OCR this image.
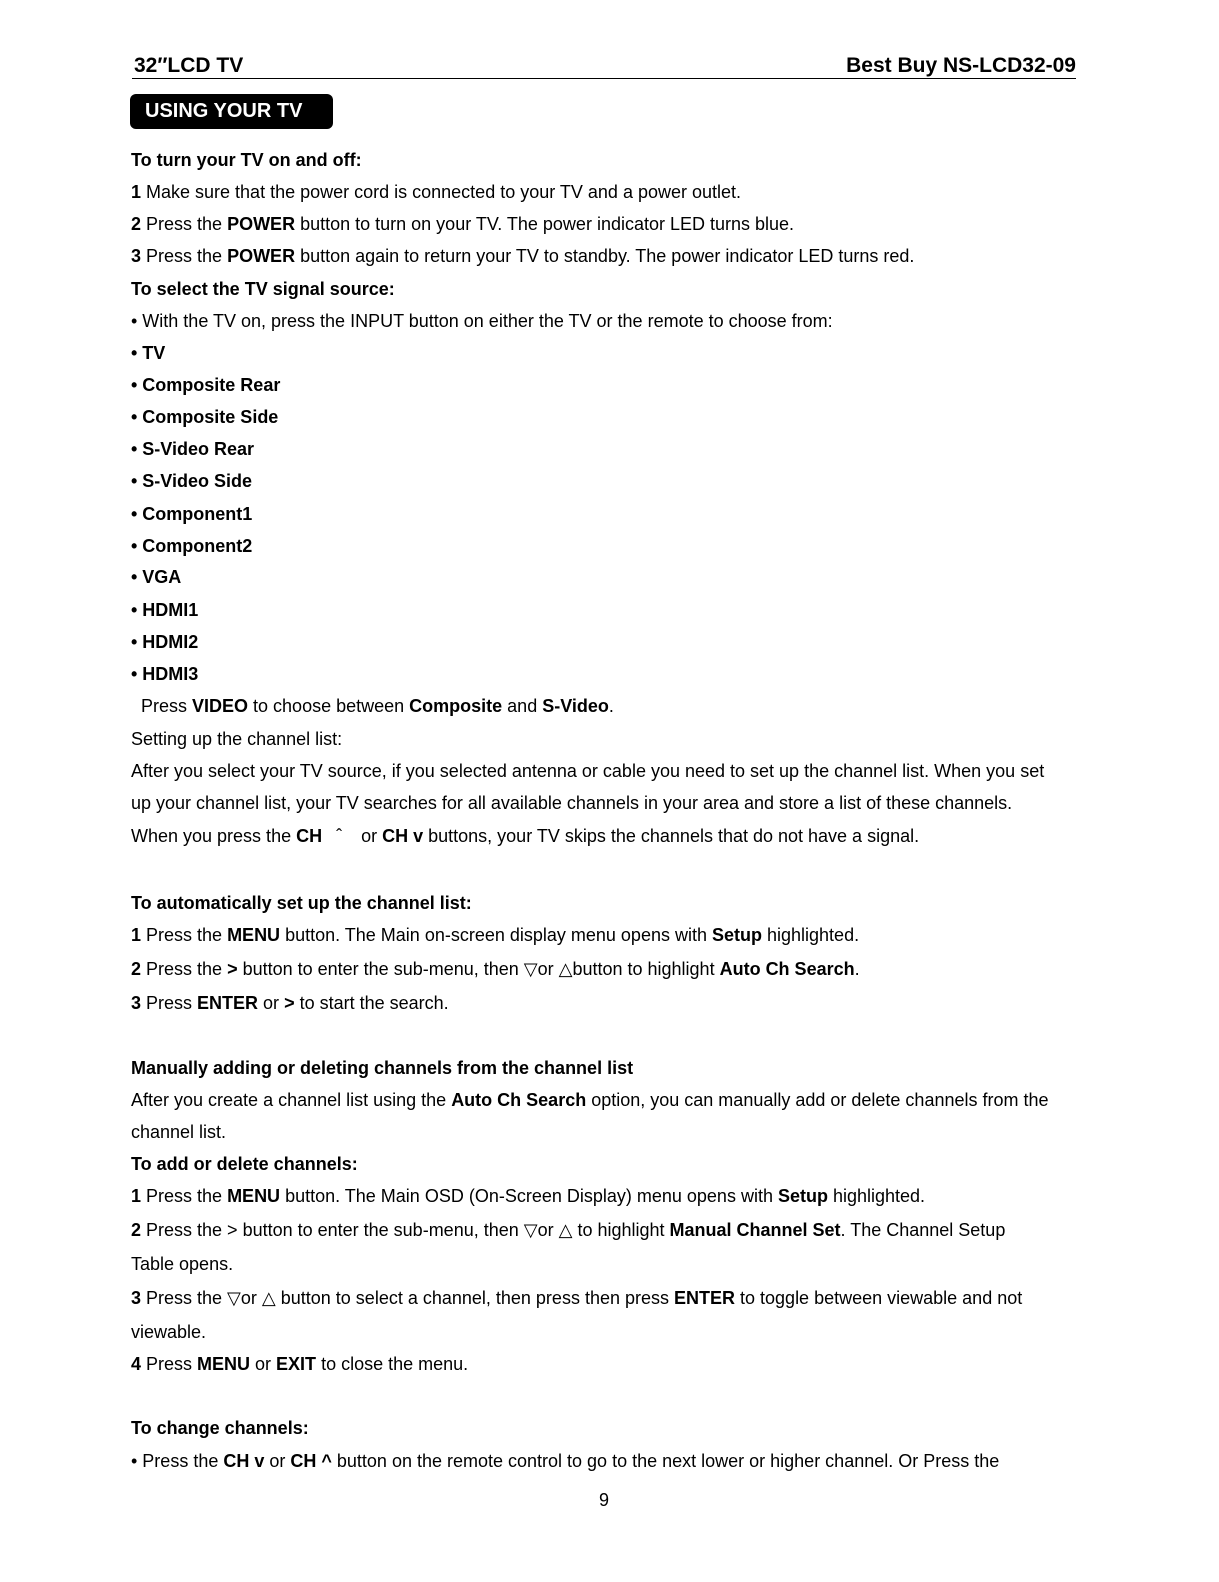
32″LCD TV	Best Buy NS-LCD32-09
USING YOUR TV
To turn your TV on and off:
1 Make sure that the power cord is connected to your TV and a power outlet.
2 Press the POWER button to turn on your TV. The power indicator LED turns blue.
3 Press the POWER button again to return your TV to standby. The power indicator LED turns red.
To select the TV signal source:
• With the TV on, press the INPUT button on either the TV or the remote to choose from:
• TV
• Composite Rear
• Composite Side
• S-Video Rear
• S-Video Side
• Component1
• Component2
• VGA
• HDMI1
• HDMI2
• HDMI3
Press VIDEO to choose between Composite and S-Video.
Setting up the channel list:
After you select your TV source, if you selected antenna or cable you need to set up the channel list. When you set
up your channel list, your TV searches for all available channels in your area and store a list of these channels.
When you press the CH  ˆ   or CH v buttons, your TV skips the channels that do not have a signal.
To automatically set up the channel list:
1 Press the MENU button. The Main on-screen display menu opens with Setup highlighted.
2 Press the > button to enter the sub-menu, then ▽or △button to highlight Auto Ch Search.
3 Press ENTER or > to start the search.
Manually adding or deleting channels from the channel list
After you create a channel list using the Auto Ch Search option, you can manually add or delete channels from the
channel list.
To add or delete channels:
1 Press the MENU button. The Main OSD (On-Screen Display) menu opens with Setup highlighted.
2 Press the > button to enter the sub-menu, then ▽or △ to highlight Manual Channel Set. The Channel Setup
Table opens.
3 Press the ▽or △ button to select a channel, then press then press ENTER to toggle between viewable and not
viewable.
4 Press MENU or EXIT to close the menu.
To change channels:
• Press the CH v or CH ^ button on the remote control to go to the next lower or higher channel. Or Press the
9
